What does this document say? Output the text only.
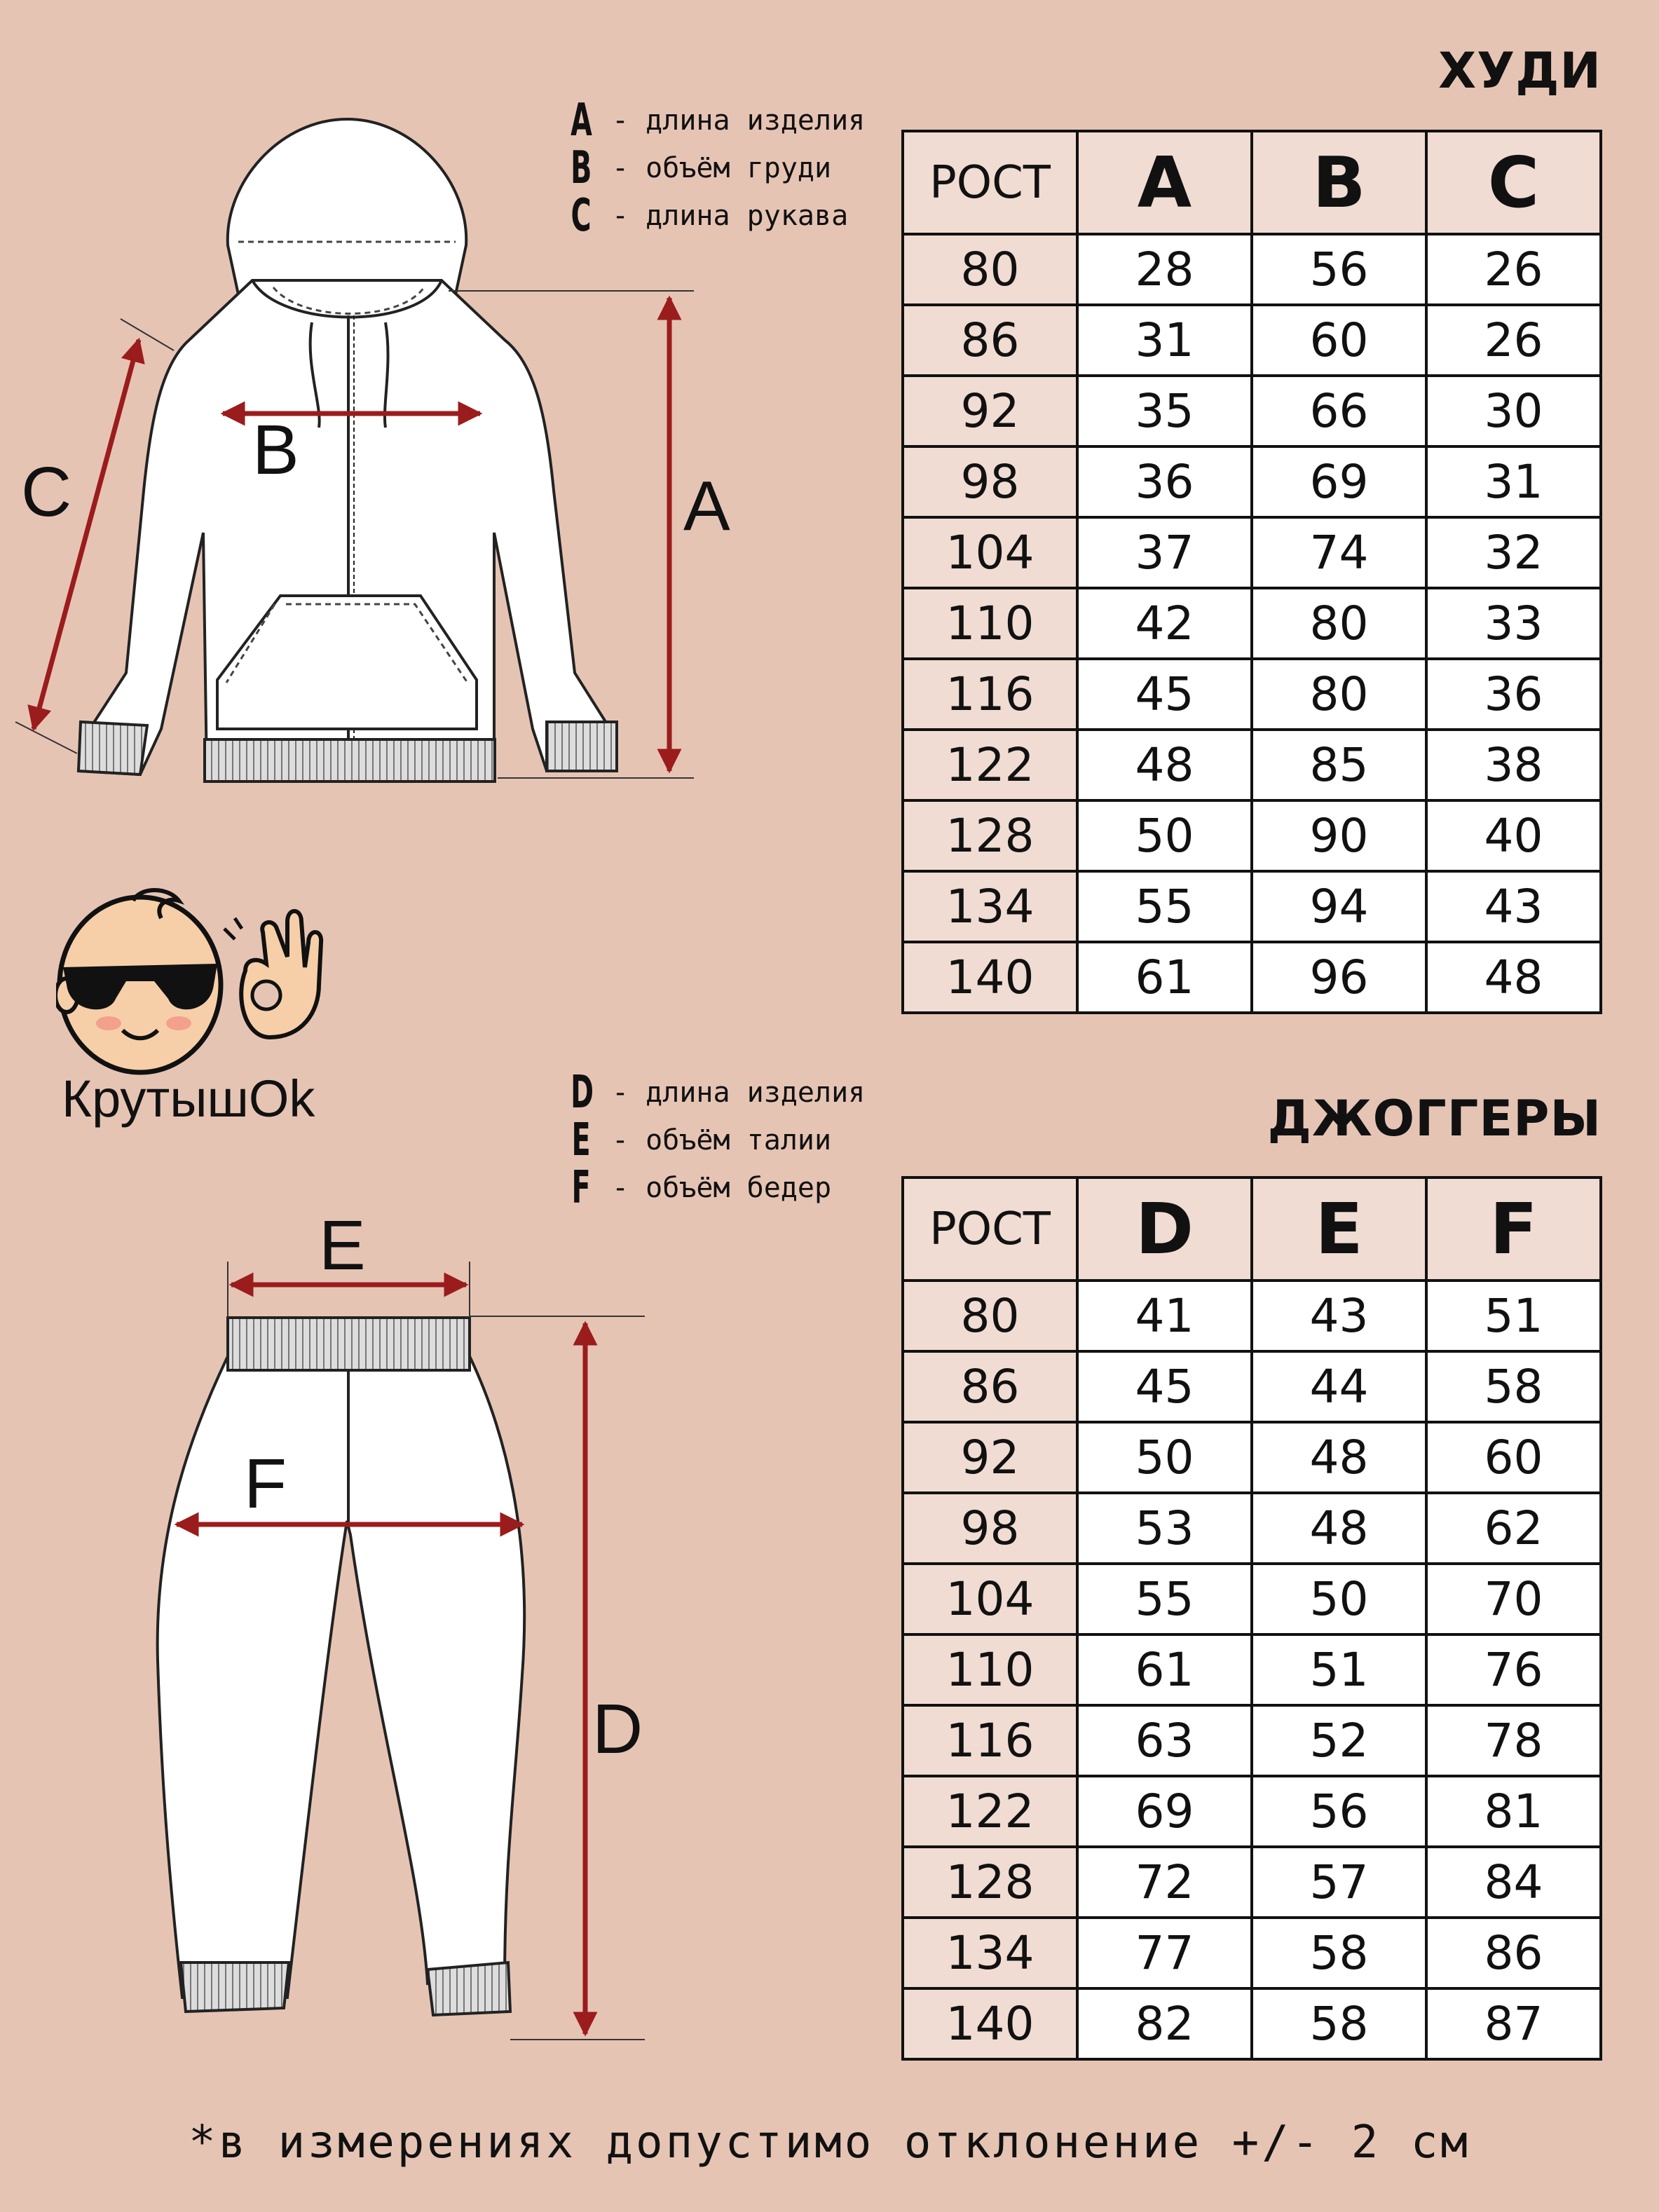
ХУДИ
A - длина изделия
B - объём груди
C - длина рукава
A
B
C
РОСТ	A	B	C
80	28	56	26
86	31	60	26
92	35	66	30
98	36	69	31
104	37	74	32
110	42	80	33
116	45	80	36
122	48	85	38
128	50	90	40
134	55	94	43
140	61	96	48
КрутышOk	ДЖОГГЕРЫ
D - длина изделия
E - объём талии
F - объём бедер
E
F
D
РОСТ	D	E	F
80	41	43	51
86	45	44	58
92	50	48	60
98	53	48	62
104	55	50	70
110	61	51	76
116	63	52	78
122	69	56	81
128	72	57	84
134	77	58	86
140	82	58	87
*в измерениях допустимо отклонение +/- 2 см
